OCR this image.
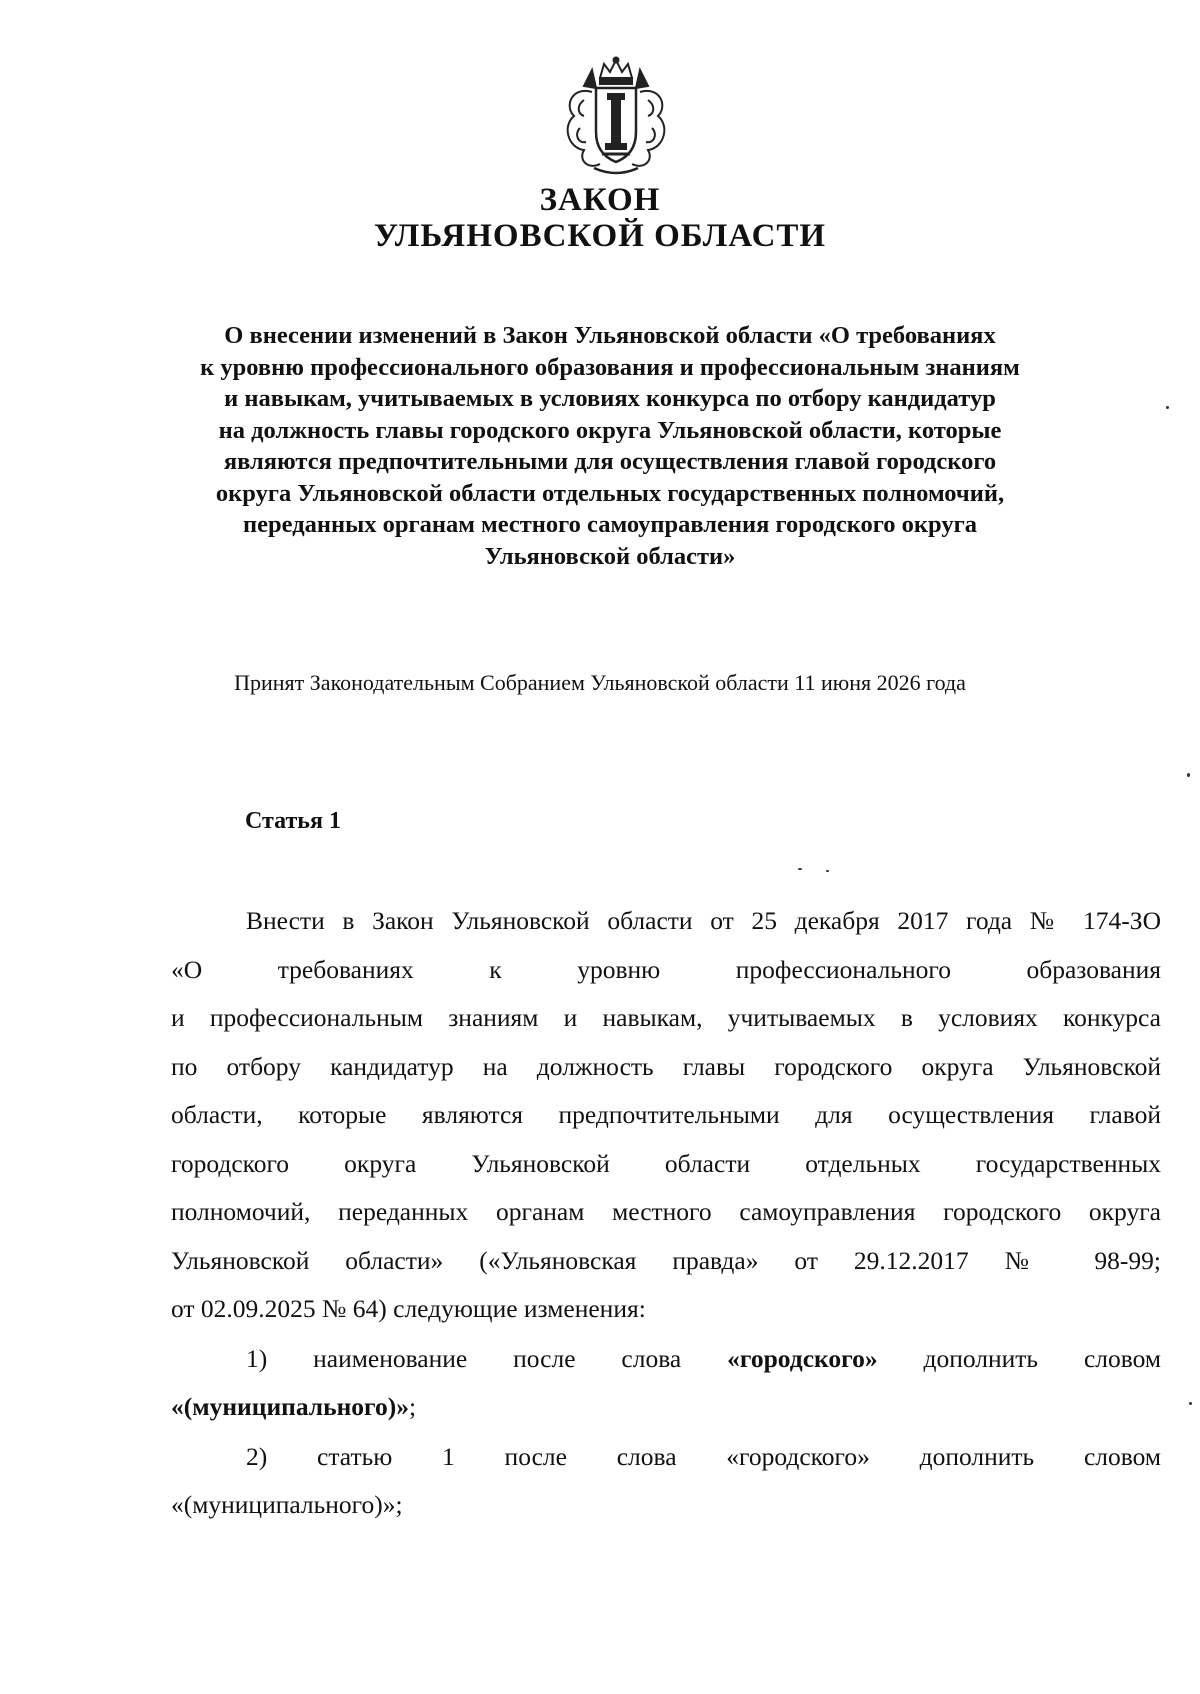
ЗАКОН
УЛЬЯНОВСКОЙ ОБЛАСТИ
О внесении изменений в Закон Ульяновской области «О требованиях
к уровню профессионального образования и профессиональным знаниям
и навыкам, учитываемых в условиях конкурса по отбору кандидатур
на должность главы городского округа Ульяновской области, которые
являются предпочтительными для осуществления главой городского
округа Ульяновской области отдельных государственных полномочий,
переданных органам местного самоуправления городского округа
Ульяновской области»
Принят Законодательным Собранием Ульяновской области 11 июня 2026 года
Статья 1
Внести в Закон Ульяновской области от 25 декабря 2017 года № 174-ЗО
«О требованиях к уровню профессионального образования
и профессиональным знаниям и навыкам, учитываемых в условиях конкурса
по отбору кандидатур на должность главы городского округа Ульяновской
области, которые являются предпочтительными для осуществления главой
городского округа Ульяновской области отдельных государственных
полномочий, переданных органам местного самоуправления городского округа
Ульяновской области» («Ульяновская правда» от 29.12.2017 № 98-99;
от 02.09.2025 № 64) следующие изменения:
1) наименование после слова «городского» дополнить словом
«(муниципального)»;
2) статью 1 после слова «городского» дополнить словом
«(муниципального)»;
